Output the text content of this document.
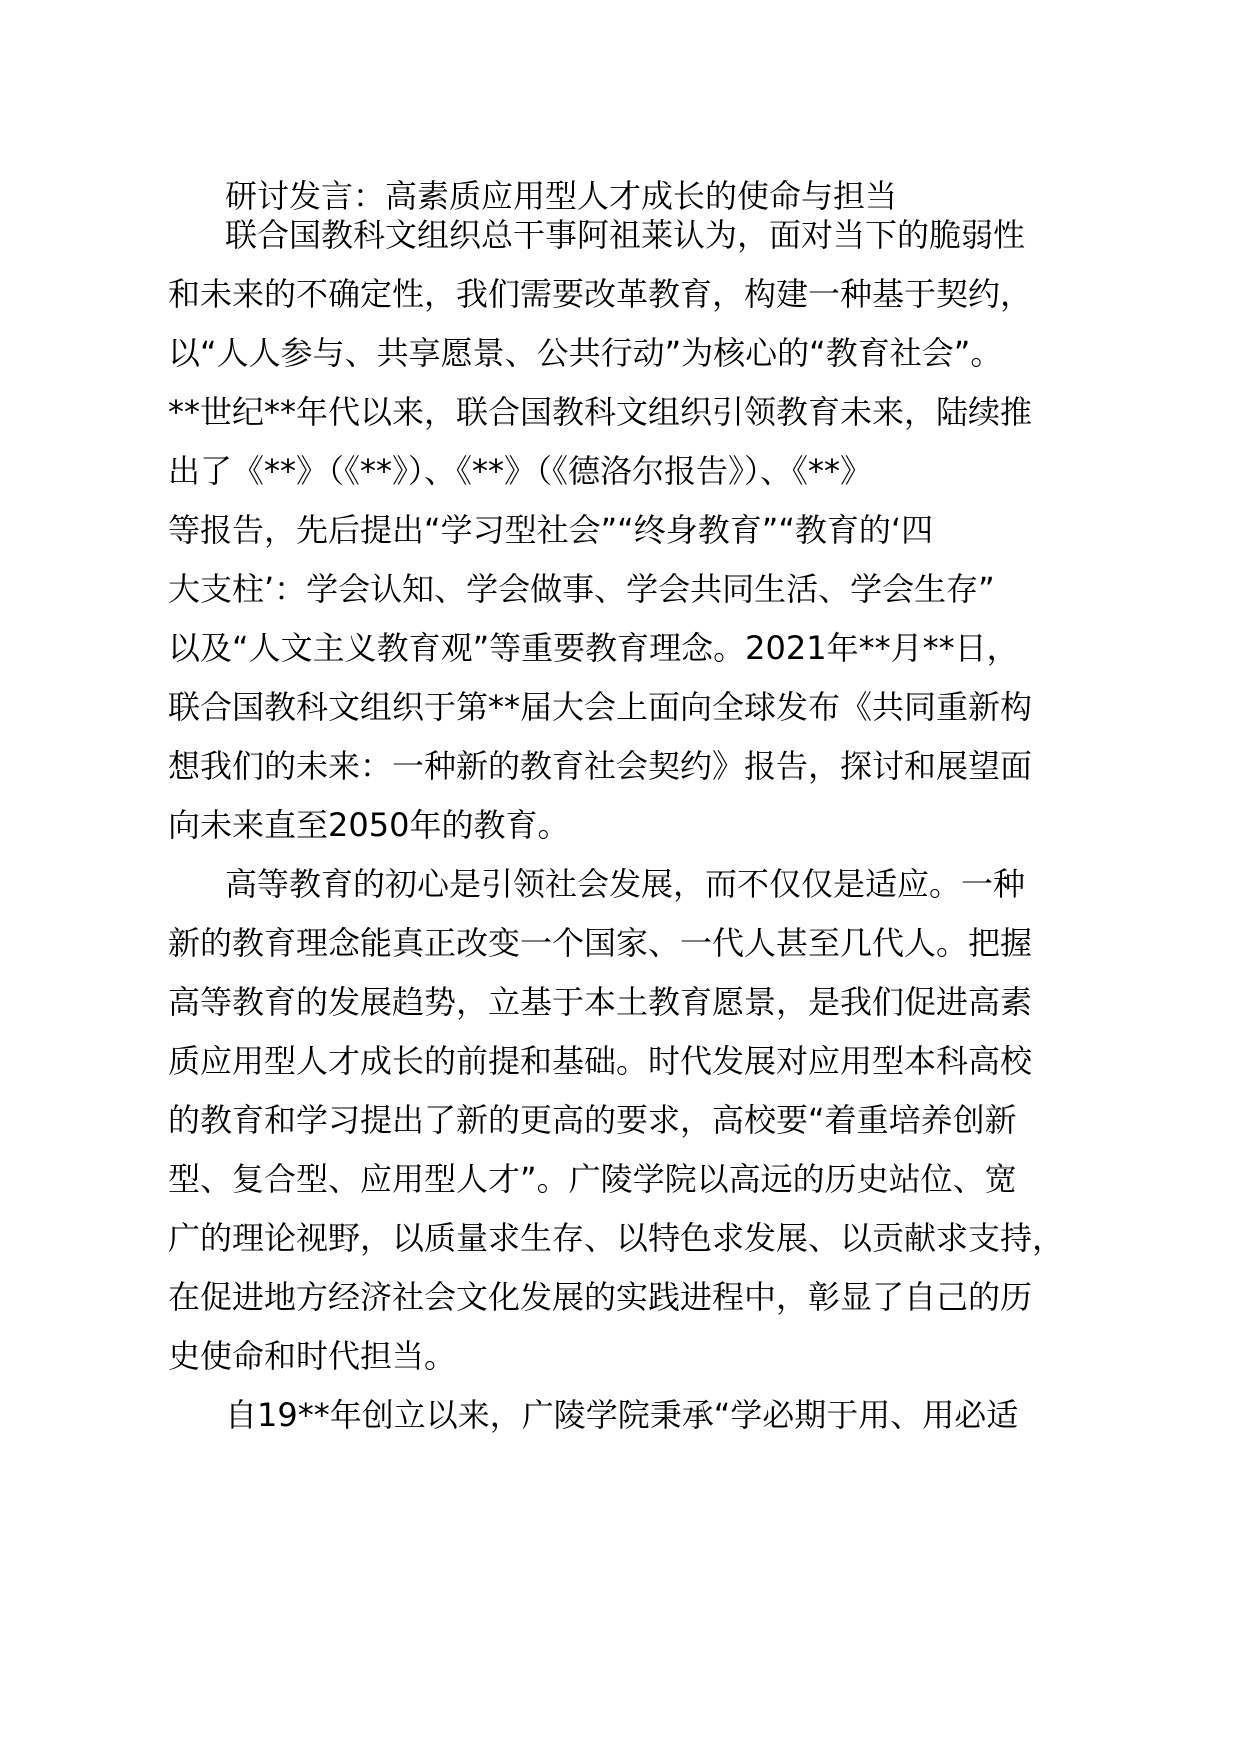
研讨发言：高素质应用型人才成长的使命与担当

联合国教科文组织总干事阿祖莱认为，面对当下的脆弱性

和未来的不确定性，我们需要改革教育，构建一种基于契约，

以“人人参与、共享愿景、公共行动”为核心的“教育社会”。

**世纪**年代以来，联合国教科文组织引领教育未来，陆续推

出了《**》（《**》）、《**》（《德洛尔报告》）、《**》

等报告，先后提出“学习型社会”“终身教育”“教育的‘四

大支柱’：学会认知、学会做事、学会共同生活、学会生存”

以及“人文主义教育观”等重要教育理念。2021年**月**日，

联合国教科文组织于第**届大会上面向全球发布《共同重新构

想我们的未来：一种新的教育社会契约》报告，探讨和展望面

向未来直至2050年的教育。

高等教育的初心是引领社会发展，而不仅仅是适应。一种

新的教育理念能真正改变一个国家、一代人甚至几代人。把握

高等教育的发展趋势，立基于本土教育愿景，是我们促进高素

质应用型人才成长的前提和基础。时代发展对应用型本科高校

的教育和学习提出了新的更高的要求，高校要“着重培养创新

型、复合型、应用型人才”。广陵学院以高远的历史站位、宽

广的理论视野，以质量求生存、以特色求发展、以贡献求支持，

在促进地方经济社会文化发展的实践进程中，彰显了自己的历

史使命和时代担当。

自19**年创立以来，广陵学院秉承“学必期于用、用必适
